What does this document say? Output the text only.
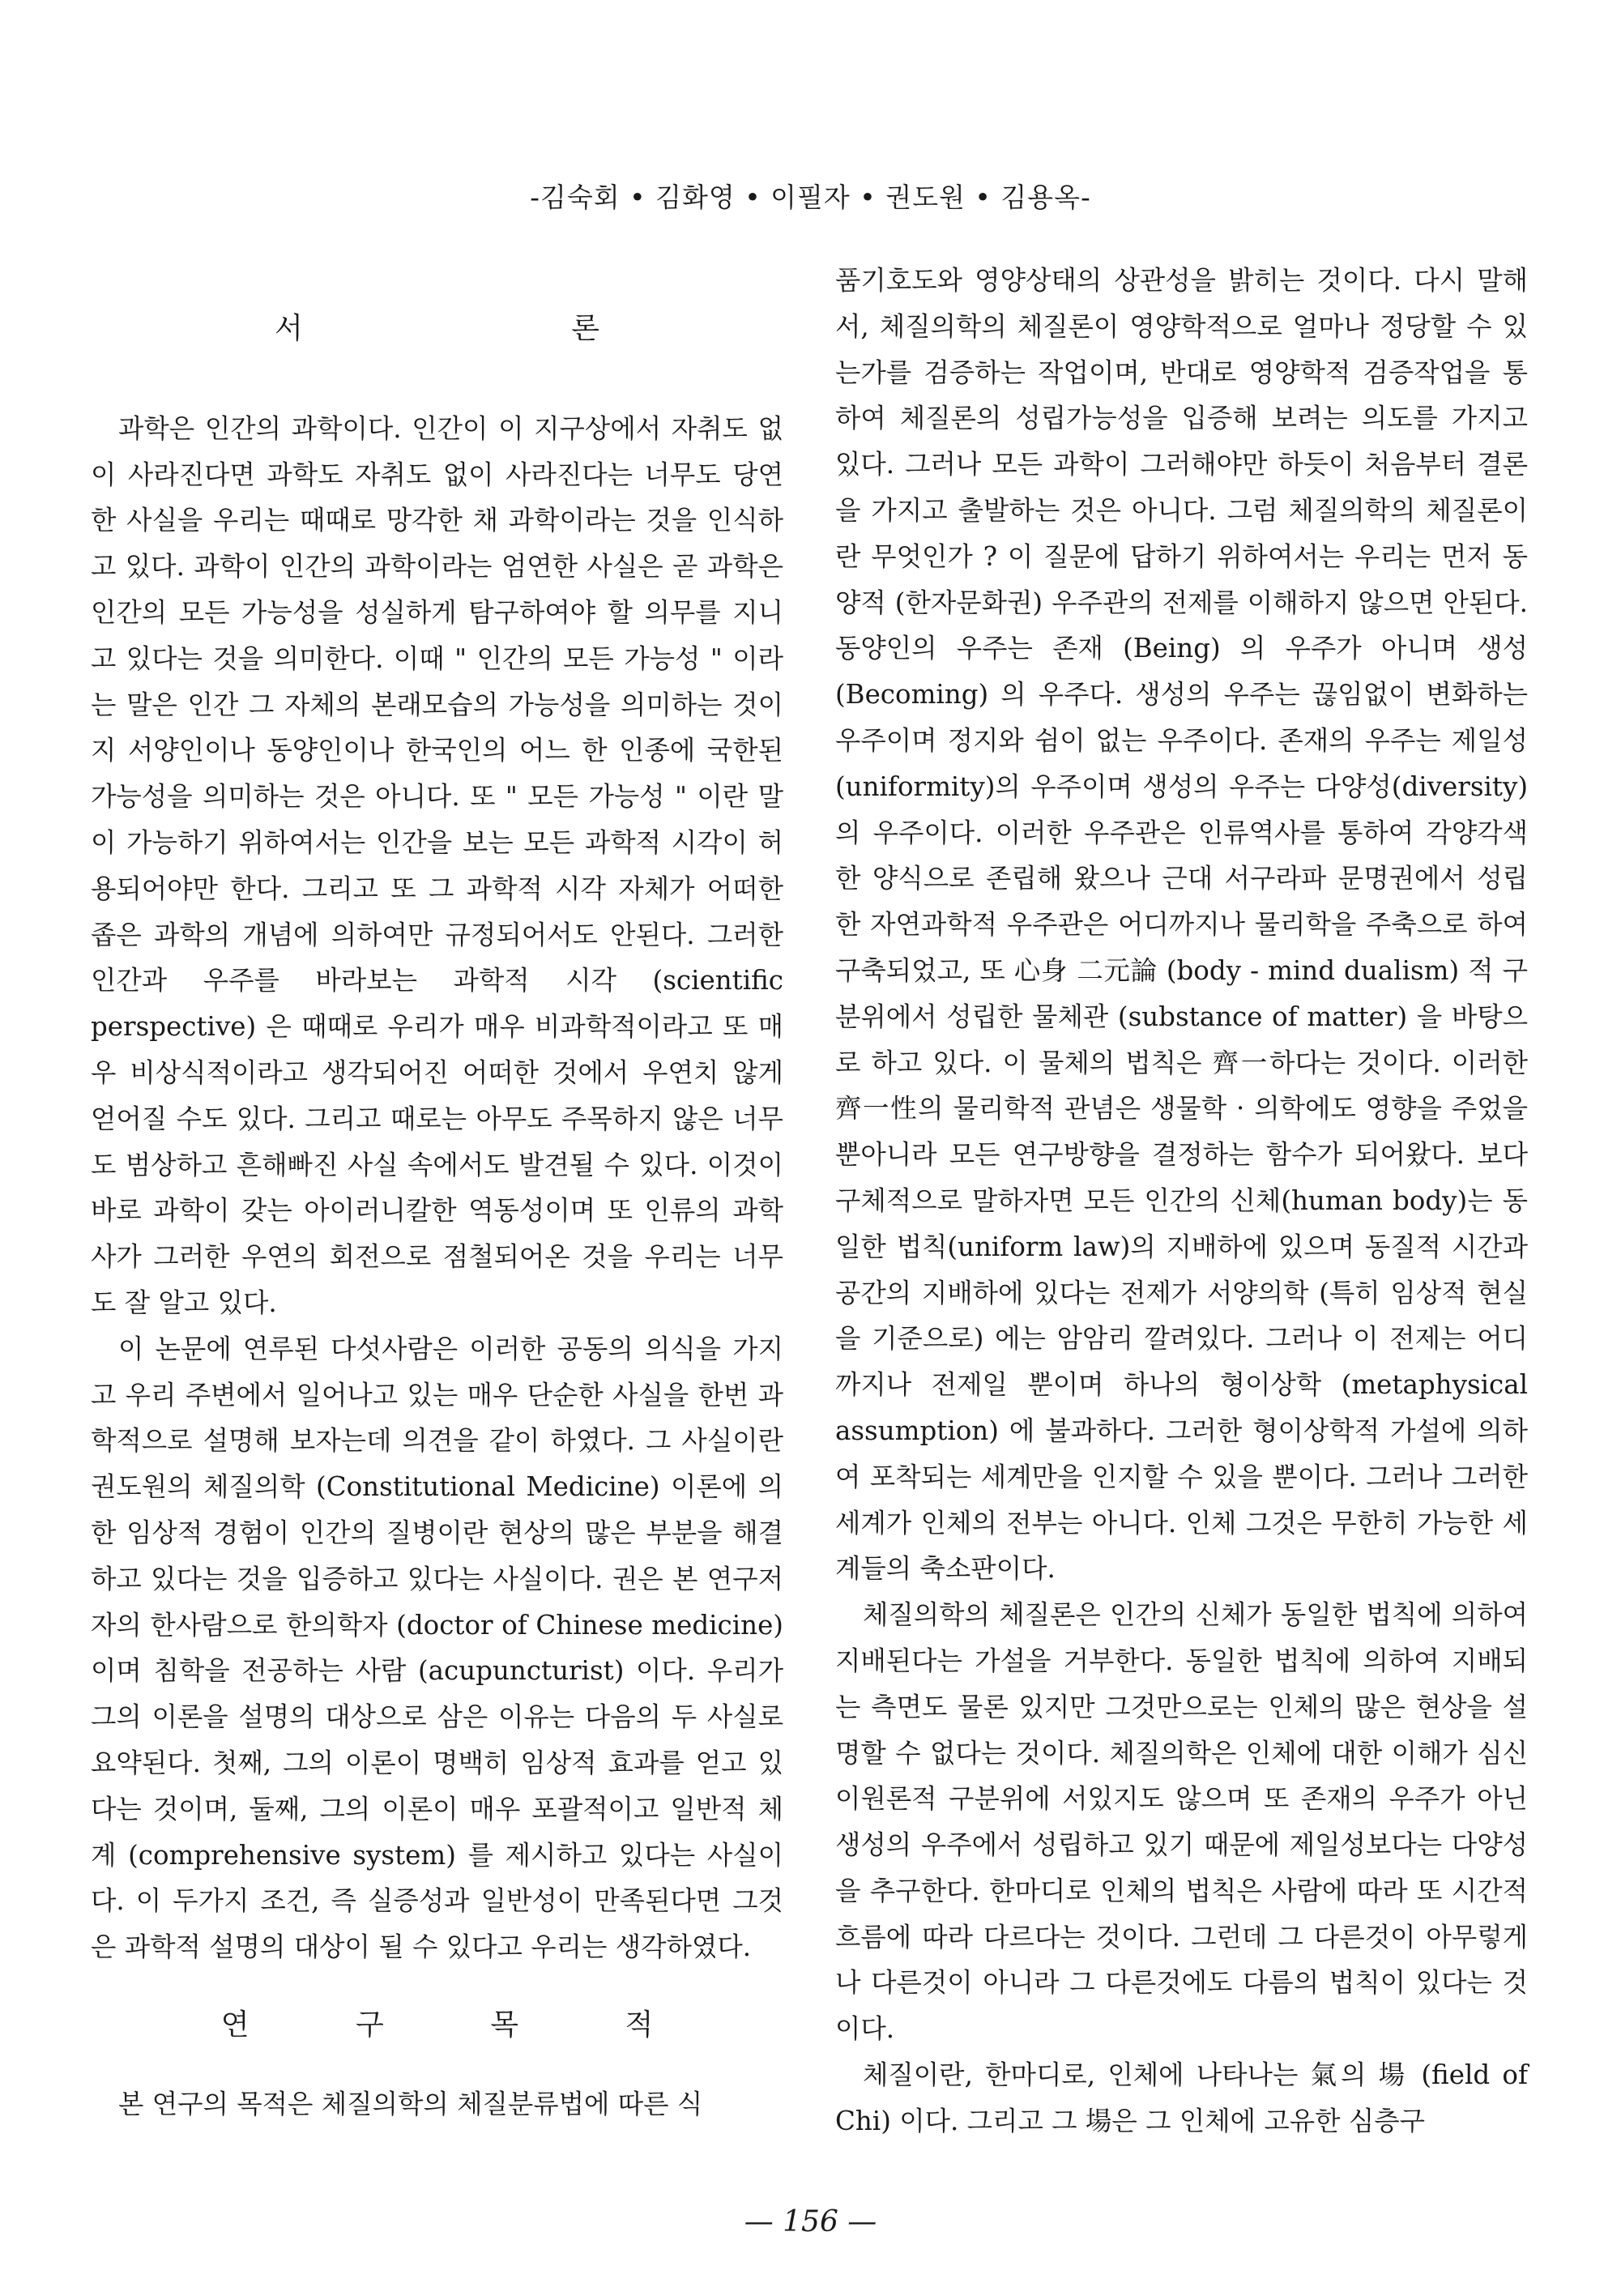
-김숙회 • 김화영 • 이필자 • 권도원 • 김용옥-
서 론

과학은 인간의 과학이다. 인간이 이 지구상에서 자취도 없이 사라진다면 과학도 자취도 없이 사라진다는 너무도 당연한 사실을 우리는 때때로 망각한 채 과학이라는 것을 인식하고 있다. 과학이 인간의 과학이라는 엄연한 사실은 곧 과학은 인간의 모든 가능성을 성실하게 탐구하여야 할 의무를 지니고 있다는 것을 의미한다. 이때 " 인간의 모든 가능성 " 이라는 말은 인간 그 자체의 본래모습의 가능성을 의미하는 것이지 서양인이나 동양인이나 한국인의 어느 한 인종에 국한된 가능성을 의미하는 것은 아니다. 또 " 모든 가능성 " 이란 말이 가능하기 위하여서는 인간을 보는 모든 과학적 시각이 허용되어야만 한다. 그리고 또 그 과학적 시각 자체가 어떠한 좁은 과학의 개념에 의하여만 규정되어서도 안된다. 그러한 인간과 우주를 바라보는 과학적 시각 (scientific perspective) 은 때때로 우리가 매우 비과학적이라고 또 매우 비상식적이라고 생각되어진 어떠한 것에서 우연치 않게 얻어질 수도 있다. 그리고 때로는 아무도 주목하지 않은 너무도 범상하고 흔해빠진 사실 속에서도 발견될 수 있다. 이것이 바로 과학이 갖는 아이러니칼한 역동성이며 또 인류의 과학사가 그러한 우연의 회전으로 점철되어온 것을 우리는 너무도 잘 알고 있다.

이 논문에 연루된 다섯사람은 이러한 공동의 의식을 가지고 우리 주변에서 일어나고 있는 매우 단순한 사실을 한번 과학적으로 설명해 보자는데 의견을 같이 하였다. 그 사실이란 권도원의 체질의학 (Constitutional Medicine) 이론에 의한 임상적 경험이 인간의 질병이란 현상의 많은 부분을 해결하고 있다는 것을 입증하고 있다는 사실이다. 권은 본 연구저자의 한사람으로 한의학자 (doctor of Chinese medicine) 이며 침학을 전공하는 사람 (acupuncturist) 이다. 우리가 그의 이론을 설명의 대상으로 삼은 이유는 다음의 두 사실로 요약된다. 첫째, 그의 이론이 명백히 임상적 효과를 얻고 있다는 것이며, 둘째, 그의 이론이 매우 포괄적이고 일반적 체계 (comprehensive system) 를 제시하고 있다는 사실이다. 이 두가지 조건, 즉 실증성과 일반성이 만족된다면 그것은 과학적 설명의 대상이 될 수 있다고 우리는 생각하였다.

연 구 목 적

본 연구의 목적은 체질의학의 체질분류법에 따른 식

품기호도와 영양상태의 상관성을 밝히는 것이다. 다시 말해서, 체질의학의 체질론이 영양학적으로 얼마나 정당할 수 있는가를 검증하는 작업이며, 반대로 영양학적 검증작업을 통하여 체질론의 성립가능성을 입증해 보려는 의도를 가지고 있다. 그러나 모든 과학이 그러해야만 하듯이 처음부터 결론을 가지고 출발하는 것은 아니다. 그럼 체질의학의 체질론이란 무엇인가 ? 이 질문에 답하기 위하여서는 우리는 먼저 동양적 (한자문화권) 우주관의 전제를 이해하지 않으면 안된다. 동양인의 우주는 존재 (Being) 의 우주가 아니며 생성 (Becoming) 의 우주다. 생성의 우주는 끊임없이 변화하는 우주이며 정지와 쉼이 없는 우주이다. 존재의 우주는 제일성(uniformity)의 우주이며 생성의 우주는 다양성(diversity)의 우주이다. 이러한 우주관은 인류역사를 통하여 각양각색한 양식으로 존립해 왔으나 근대 서구라파 문명권에서 성립한 자연과학적 우주관은 어디까지나 물리학을 주축으로 하여 구축되었고, 또 心身 二元論 (body - mind dualism) 적 구분위에서 성립한 물체관 (substance of matter) 을 바탕으로 하고 있다. 이 물체의 법칙은 齊一하다는 것이다. 이러한 齊一性의 물리학적 관념은 생물학 · 의학에도 영향을 주었을 뿐아니라 모든 연구방향을 결정하는 함수가 되어왔다. 보다 구체적으로 말하자면 모든 인간의 신체(human body)는 동일한 법칙(uniform law)의 지배하에 있으며 동질적 시간과 공간의 지배하에 있다는 전제가 서양의학 (특히 임상적 현실을 기준으로) 에는 암암리 깔려있다. 그러나 이 전제는 어디까지나 전제일 뿐이며 하나의 형이상학 (metaphysical assumption) 에 불과하다. 그러한 형이상학적 가설에 의하여 포착되는 세계만을 인지할 수 있을 뿐이다. 그러나 그러한 세계가 인체의 전부는 아니다. 인체 그것은 무한히 가능한 세계들의 축소판이다.

체질의학의 체질론은 인간의 신체가 동일한 법칙에 의하여 지배된다는 가설을 거부한다. 동일한 법칙에 의하여 지배되는 측면도 물론 있지만 그것만으로는 인체의 많은 현상을 설명할 수 없다는 것이다. 체질의학은 인체에 대한 이해가 심신이원론적 구분위에 서있지도 않으며 또 존재의 우주가 아닌 생성의 우주에서 성립하고 있기 때문에 제일성보다는 다양성을 추구한다. 한마디로 인체의 법칙은 사람에 따라 또 시간적 흐름에 따라 다르다는 것이다. 그런데 그 다른것이 아무렇게나 다른것이 아니라 그 다른것에도 다름의 법칙이 있다는 것이다.

체질이란, 한마디로, 인체에 나타나는 氣의 場 (field of Chi) 이다. 그리고 그 場은 그 인체에 고유한 심층구

— 156 —
